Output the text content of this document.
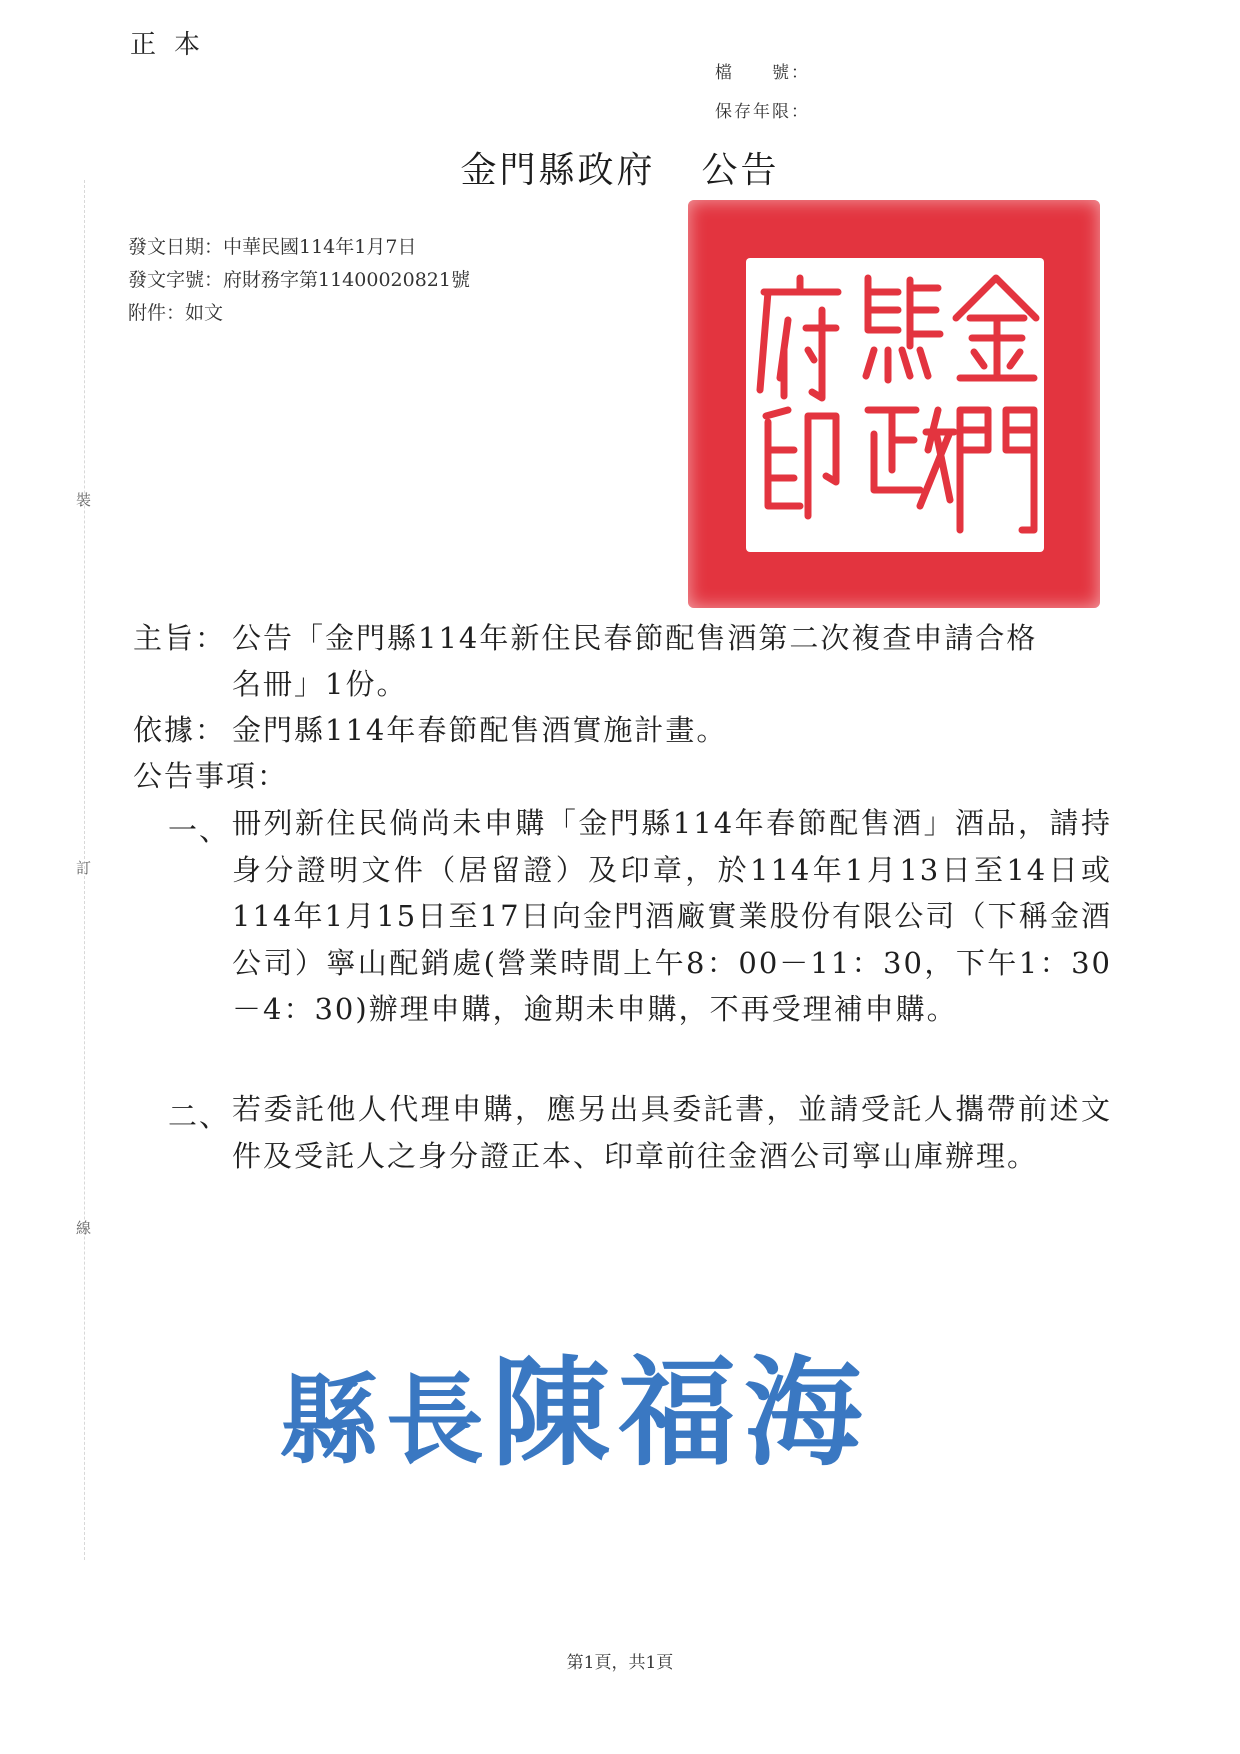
正本
檔　　號：
保存年限：
金門縣政府 公告
發文日期：中華民國114年1月7日
發文字號：府財務字第11400020821號
附件：如文
裝
訂
線
主旨： 公告「金門縣114年新住民春節配售酒第二次複查申請合格
名冊」1份。
依據： 金門縣114年春節配售酒實施計畫。
公告事項：
一、 冊列新住民倘尚未申購「金門縣114年春節配售酒」酒品，請持身分證明文件（居留證）及印章，於114年1月13日至14日或114年1月15日至17日向金門酒廠實業股份有限公司（下稱金酒公司）寧山配銷處(營業時間上午8：00－11：30，下午1：30－4：30)辦理申購，逾期未申購，不再受理補申購。
二、 若委託他人代理申購，應另出具委託書，並請受託人攜帶前述文件及受託人之身分證正本、印章前往金酒公司寧山庫辦理。
縣長陳福海
第1頁，共1頁
